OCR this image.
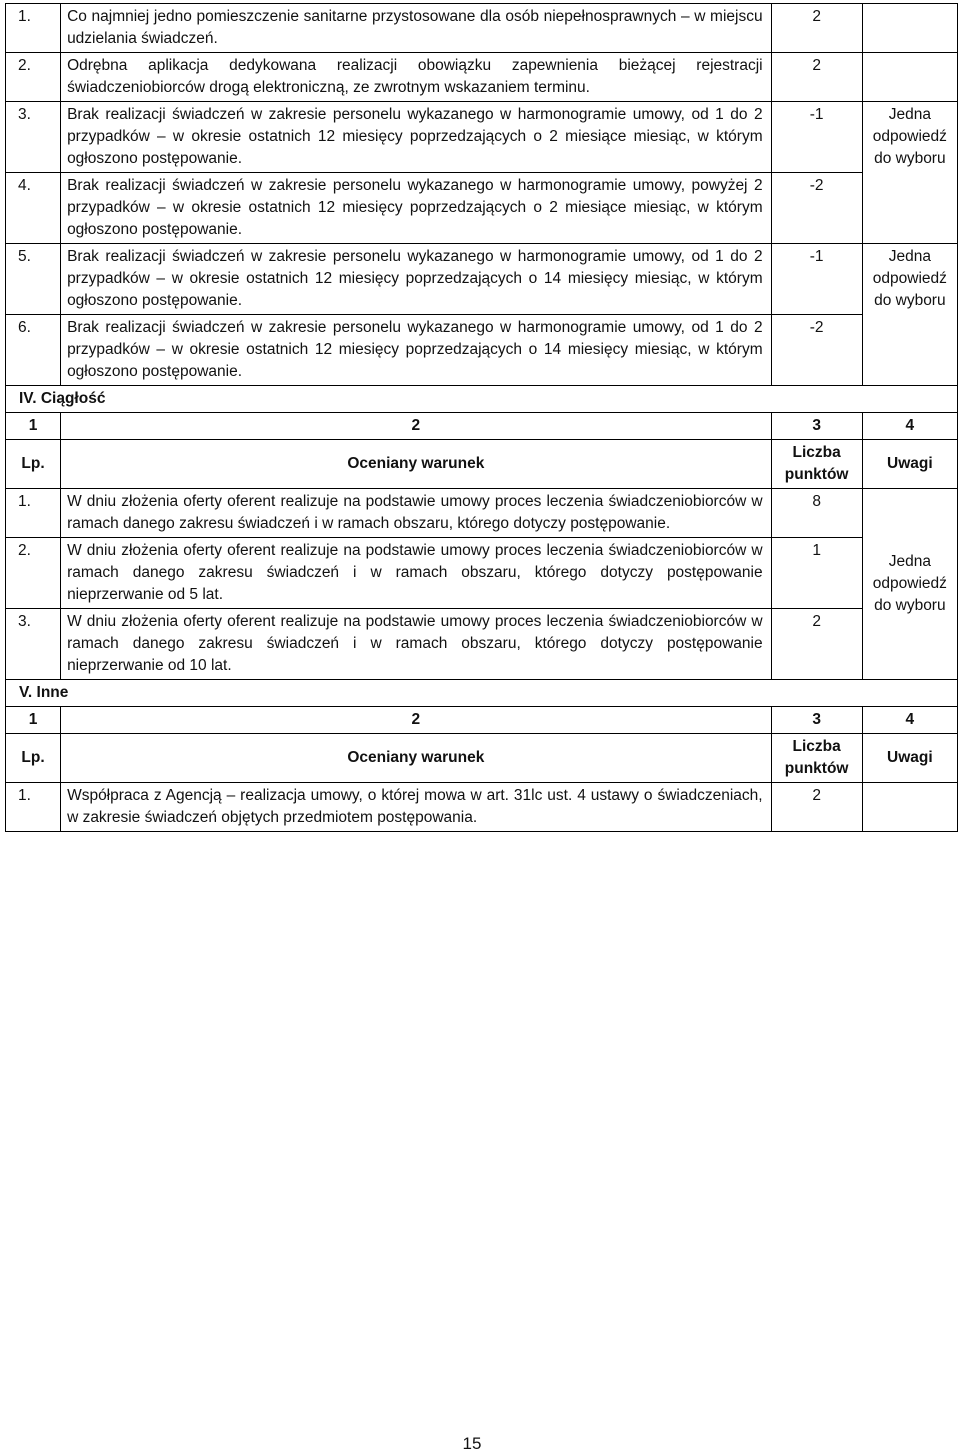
1.	Co najmniej jedno pomieszczenie sanitarne przystosowane dla osób niepełnosprawnych – w miejscu udzielania świadczeń.	2	
2.	Odrębna aplikacja dedykowana realizacji obowiązku zapewnienia bieżącej rejestracji świadczeniobiorców drogą elektroniczną, ze zwrotnym wskazaniem terminu.	2	
3.	Brak realizacji świadczeń w zakresie personelu wykazanego w harmonogramie umowy, od 1 do 2 przypadków – w okresie ostatnich 12 miesięcy poprzedzających o 2 miesiące miesiąc, w którym ogłoszono postępowanie.	-1	Jedna odpowiedź do wyboru
4.	Brak realizacji świadczeń w zakresie personelu wykazanego w harmonogramie umowy, powyżej 2 przypadków – w okresie ostatnich 12 miesięcy poprzedzających o 2 miesiące miesiąc, w którym ogłoszono postępowanie.	-2	
5.	Brak realizacji świadczeń w zakresie personelu wykazanego w harmonogramie umowy, od 1 do 2 przypadków – w okresie ostatnich 12 miesięcy poprzedzających o 14 miesięcy miesiąc, w którym ogłoszono postępowanie.	-1	Jedna odpowiedź do wyboru
6.	Brak realizacji świadczeń w zakresie personelu wykazanego w harmonogramie umowy, od 1 do 2 przypadków – w okresie ostatnich 12 miesięcy poprzedzających o 14 miesięcy miesiąc, w którym ogłoszono postępowanie.	-2	
IV. Ciągłość			
1	2	3	4
Lp.	Oceniany warunek	Liczba punktów	Uwagi
1.	W dniu złożenia oferty oferent realizuje na podstawie umowy proces leczenia świadczeniobiorców w ramach danego zakresu świadczeń i w ramach obszaru, którego dotyczy postępowanie.	8	Jedna odpowiedź do wyboru
2.	W dniu złożenia oferty oferent realizuje na podstawie umowy proces leczenia świadczeniobiorców w ramach danego zakresu świadczeń i w ramach obszaru, którego dotyczy postępowanie nieprzerwanie od 5 lat.	1	
3.	W dniu złożenia oferty oferent realizuje na podstawie umowy proces leczenia świadczeniobiorców w ramach danego zakresu świadczeń i w ramach obszaru, którego dotyczy postępowanie nieprzerwanie od 10 lat.	2	
V. Inne			
1	2	3	4
Lp.	Oceniany warunek	Liczba punktów	Uwagi
1.	Współpraca z Agencją – realizacja umowy, o której mowa w art. 31lc ust. 4 ustawy o świadczeniach, w zakresie świadczeń objętych przedmiotem postępowania.	2	
15
